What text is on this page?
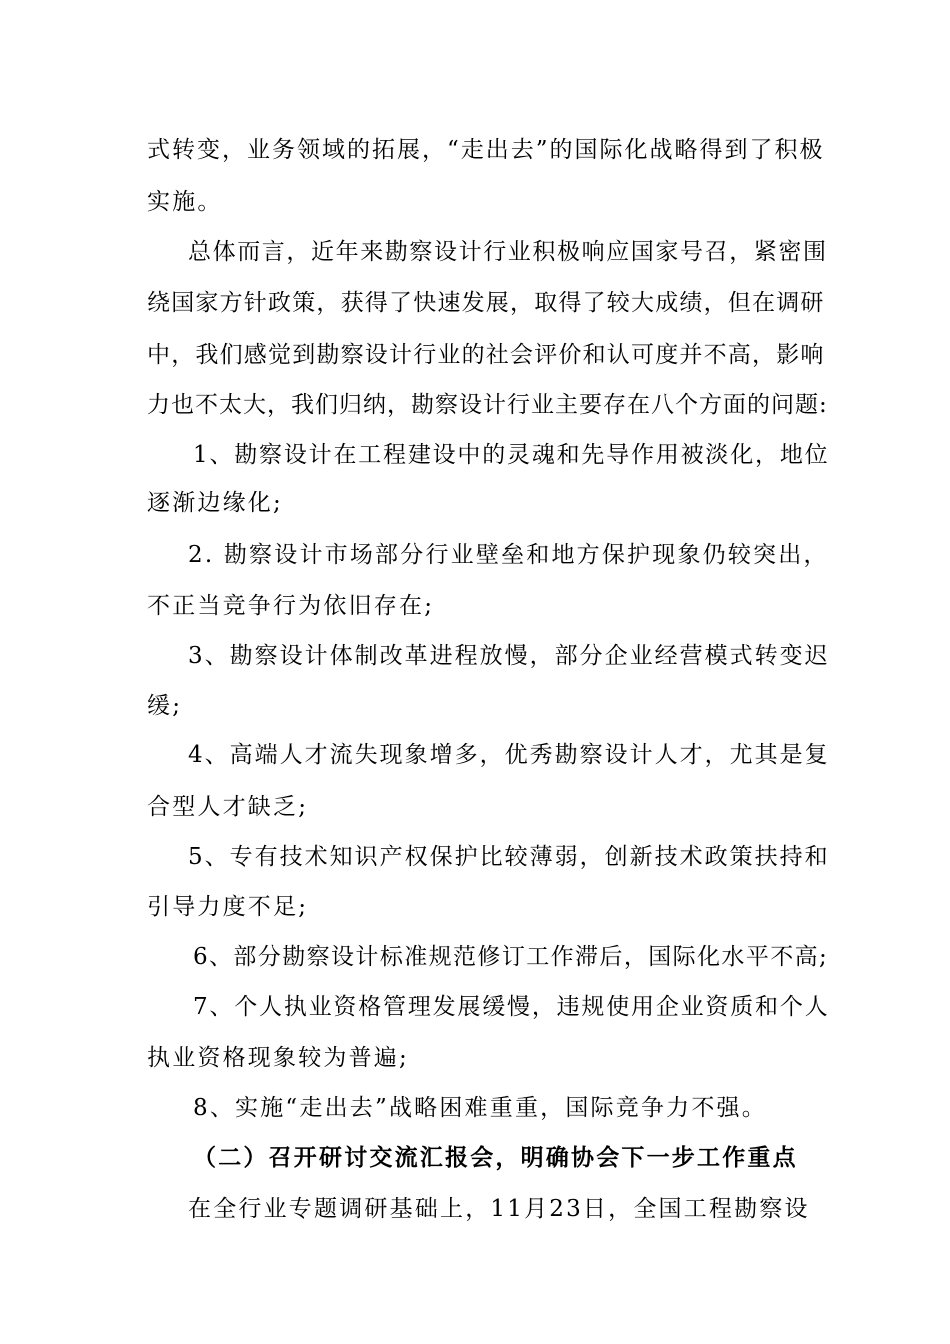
式转变，业务领域的拓展，“走出去”的国际化战略得到了积极
实施。
总体而言，近年来勘察设计行业积极响应国家号召，紧密围
绕国家方针政策，获得了快速发展，取得了较大成绩，但在调研
中，我们感觉到勘察设计行业的社会评价和认可度并不高，影响
力也不太大，我们归纳，勘察设计行业主要存在八个方面的问题:
1、勘察设计在工程建设中的灵魂和先导作用被淡化，地位
逐渐边缘化;
2. 勘察设计市场部分行业壁垒和地方保护现象仍较突出，
不正当竞争行为依旧存在;
3、勘察设计体制改革进程放慢，部分企业经营模式转变迟
缓;
4、高端人才流失现象增多，优秀勘察设计人才，尤其是复
合型人才缺乏;
5、专有技术知识产权保护比较薄弱，创新技术政策扶持和
引导力度不足;
6、部分勘察设计标准规范修订工作滞后，国际化水平不高;
7、个人执业资格管理发展缓慢，违规使用企业资质和个人
执业资格现象较为普遍;
8、实施“走出去”战略困难重重，国际竞争力不强。
（二）召开研讨交流汇报会，明确协会下一步工作重点
在全行业专题调研基础上，11月23日，全国工程勘察设
